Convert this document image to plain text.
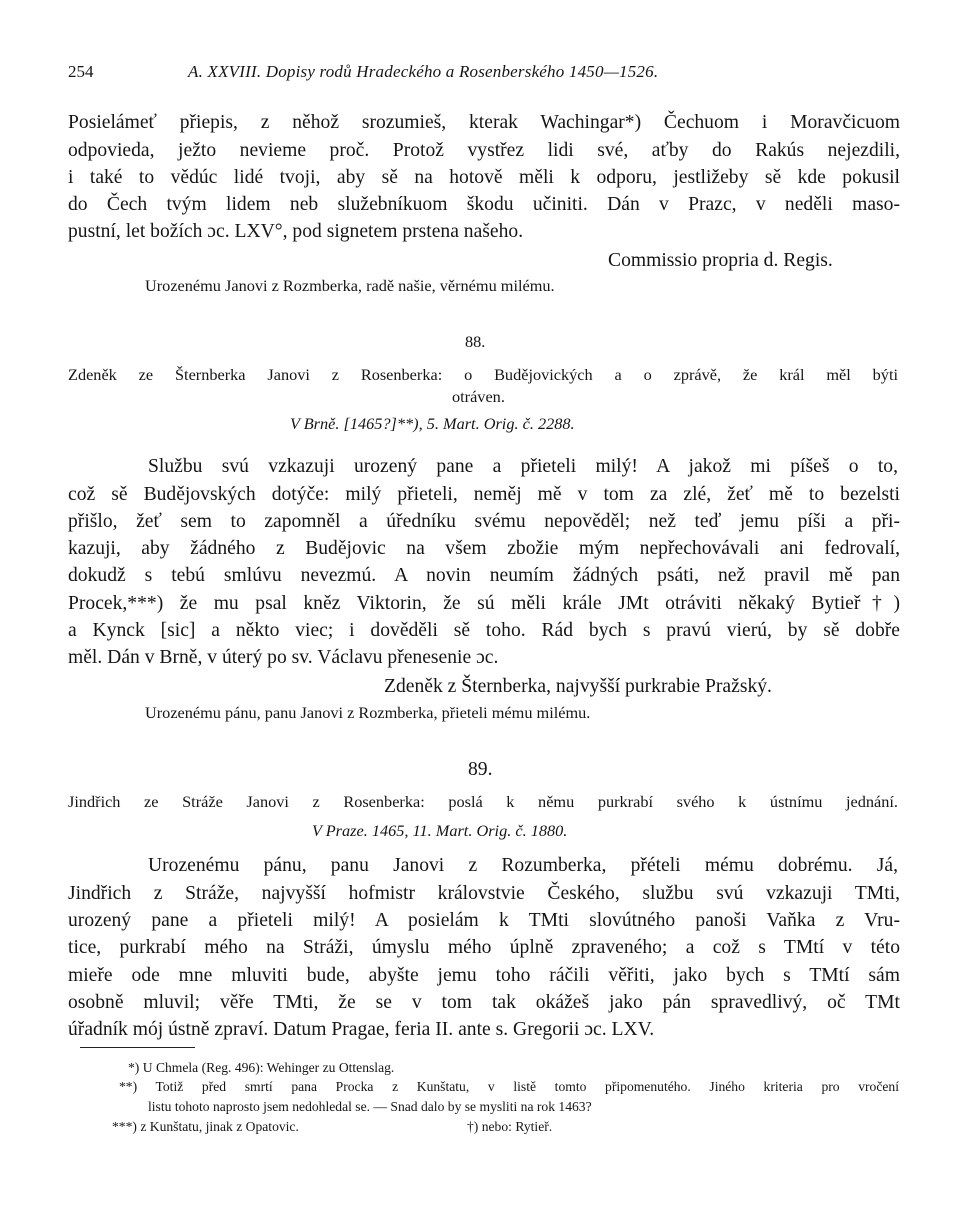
254	A. XXVIII. Dopisy rodů Hradeckého a Rosenberského 1450—1526.
Posielámeť přiepis, z něhož srozumieš, kterak Wachingar*) Čechuom i Moravčicuom
odpovieda, ježto nevieme proč. Protož vystřez lidi své, aťby do Rakús nejezdili,
i také to vědúc lidé tvoji, aby sě na hotově měli k odporu, jestližeby sě kde pokusil
do Čech tvým lidem neb služebníkuom škodu učiniti. Dán v Prazc, v neděli maso-
pustní, let božích ɔc. LXV°, pod signetem prstena našeho.
Commissio propria d. Regis.
Urozenému Janovi z Rozmberka, radě našie, věrnému milému.
88.
Zdeněk ze Šternberka Janovi z Rosenberka: o Budějovických a o zprávě, že král měl býti
otráven.
V Brně. [1465?]**), 5. Mart. Orig. č. 2288.
Službu svú vzkazuji urozený pane a přieteli milý! A jakož mi píšeš o to,
což sě Budějovských dotýče: milý přieteli, neměj mě v tom za zlé, žeť mě to bezelsti
přišlo, žeť sem to zapomněl a úředníku svému nepověděl; než teď jemu píši a při-
kazuji, aby žádného z Budějovic na všem zbožie mým nepřechovávali ani fedrovalí,
dokudž s tebú smlúvu nevezmú. A novin neumím žádných psáti, než pravil mě pan
Procek,***) že mu psal kněz Viktorin, že sú měli krále JMt otráviti někaký Bytieř†)
a Kynck [sic] a někto viec; i dověděli sě toho. Rád bych s pravú vierú, by sě dobře
měl. Dán v Brně, v úterý po sv. Václavu přenesenie ɔc.
Zdeněk z Šternberka, najvyšší purkrabie Pražský.
Urozenému pánu, panu Janovi z Rozmberka, přieteli mému milému.
89.
Jindřich ze Stráže Janovi z Rosenberka: poslá k němu purkrabí svého k ústnímu jednání.
V Praze. 1465, 11. Mart. Orig. č. 1880.
Urozenému pánu, panu Janovi z Rozumberka, přételi mému dobrému. Já,
Jindřich z Stráže, najvyšší hofmistr královstvie Českého, službu svú vzkazuji TMti,
urozený pane a přieteli milý! A posielám k TMti slovútného panoši Vaňka z Vru-
tice, purkrabí mého na Stráži, úmyslu mého úplně zpraveného; a což s TMtí v této
mieře ode mne mluviti bude, abyšte jemu toho ráčili věřiti, jako bych s TMtí sám
osobně mluvil; věře TMti, že se v tom tak okážeš jako pán spravedlivý, oč TMt
úřadník mój ústně zpraví. Datum Pragae, feria II. ante s. Gregorii ɔc. LXV.
*) U Chmela (Reg. 496): Wehinger zu Ottenslag.
**) Totiž před smrtí pana Procka z Kunštatu, v listě tomto připomenutého. Jiného kriteria pro vročení
listu tohoto naprosto jsem nedohledal se. — Snad dalo by se mysliti na rok 1463?
***) z Kunštatu, jinak z Opatovic.	†) nebo: Rytieř.
